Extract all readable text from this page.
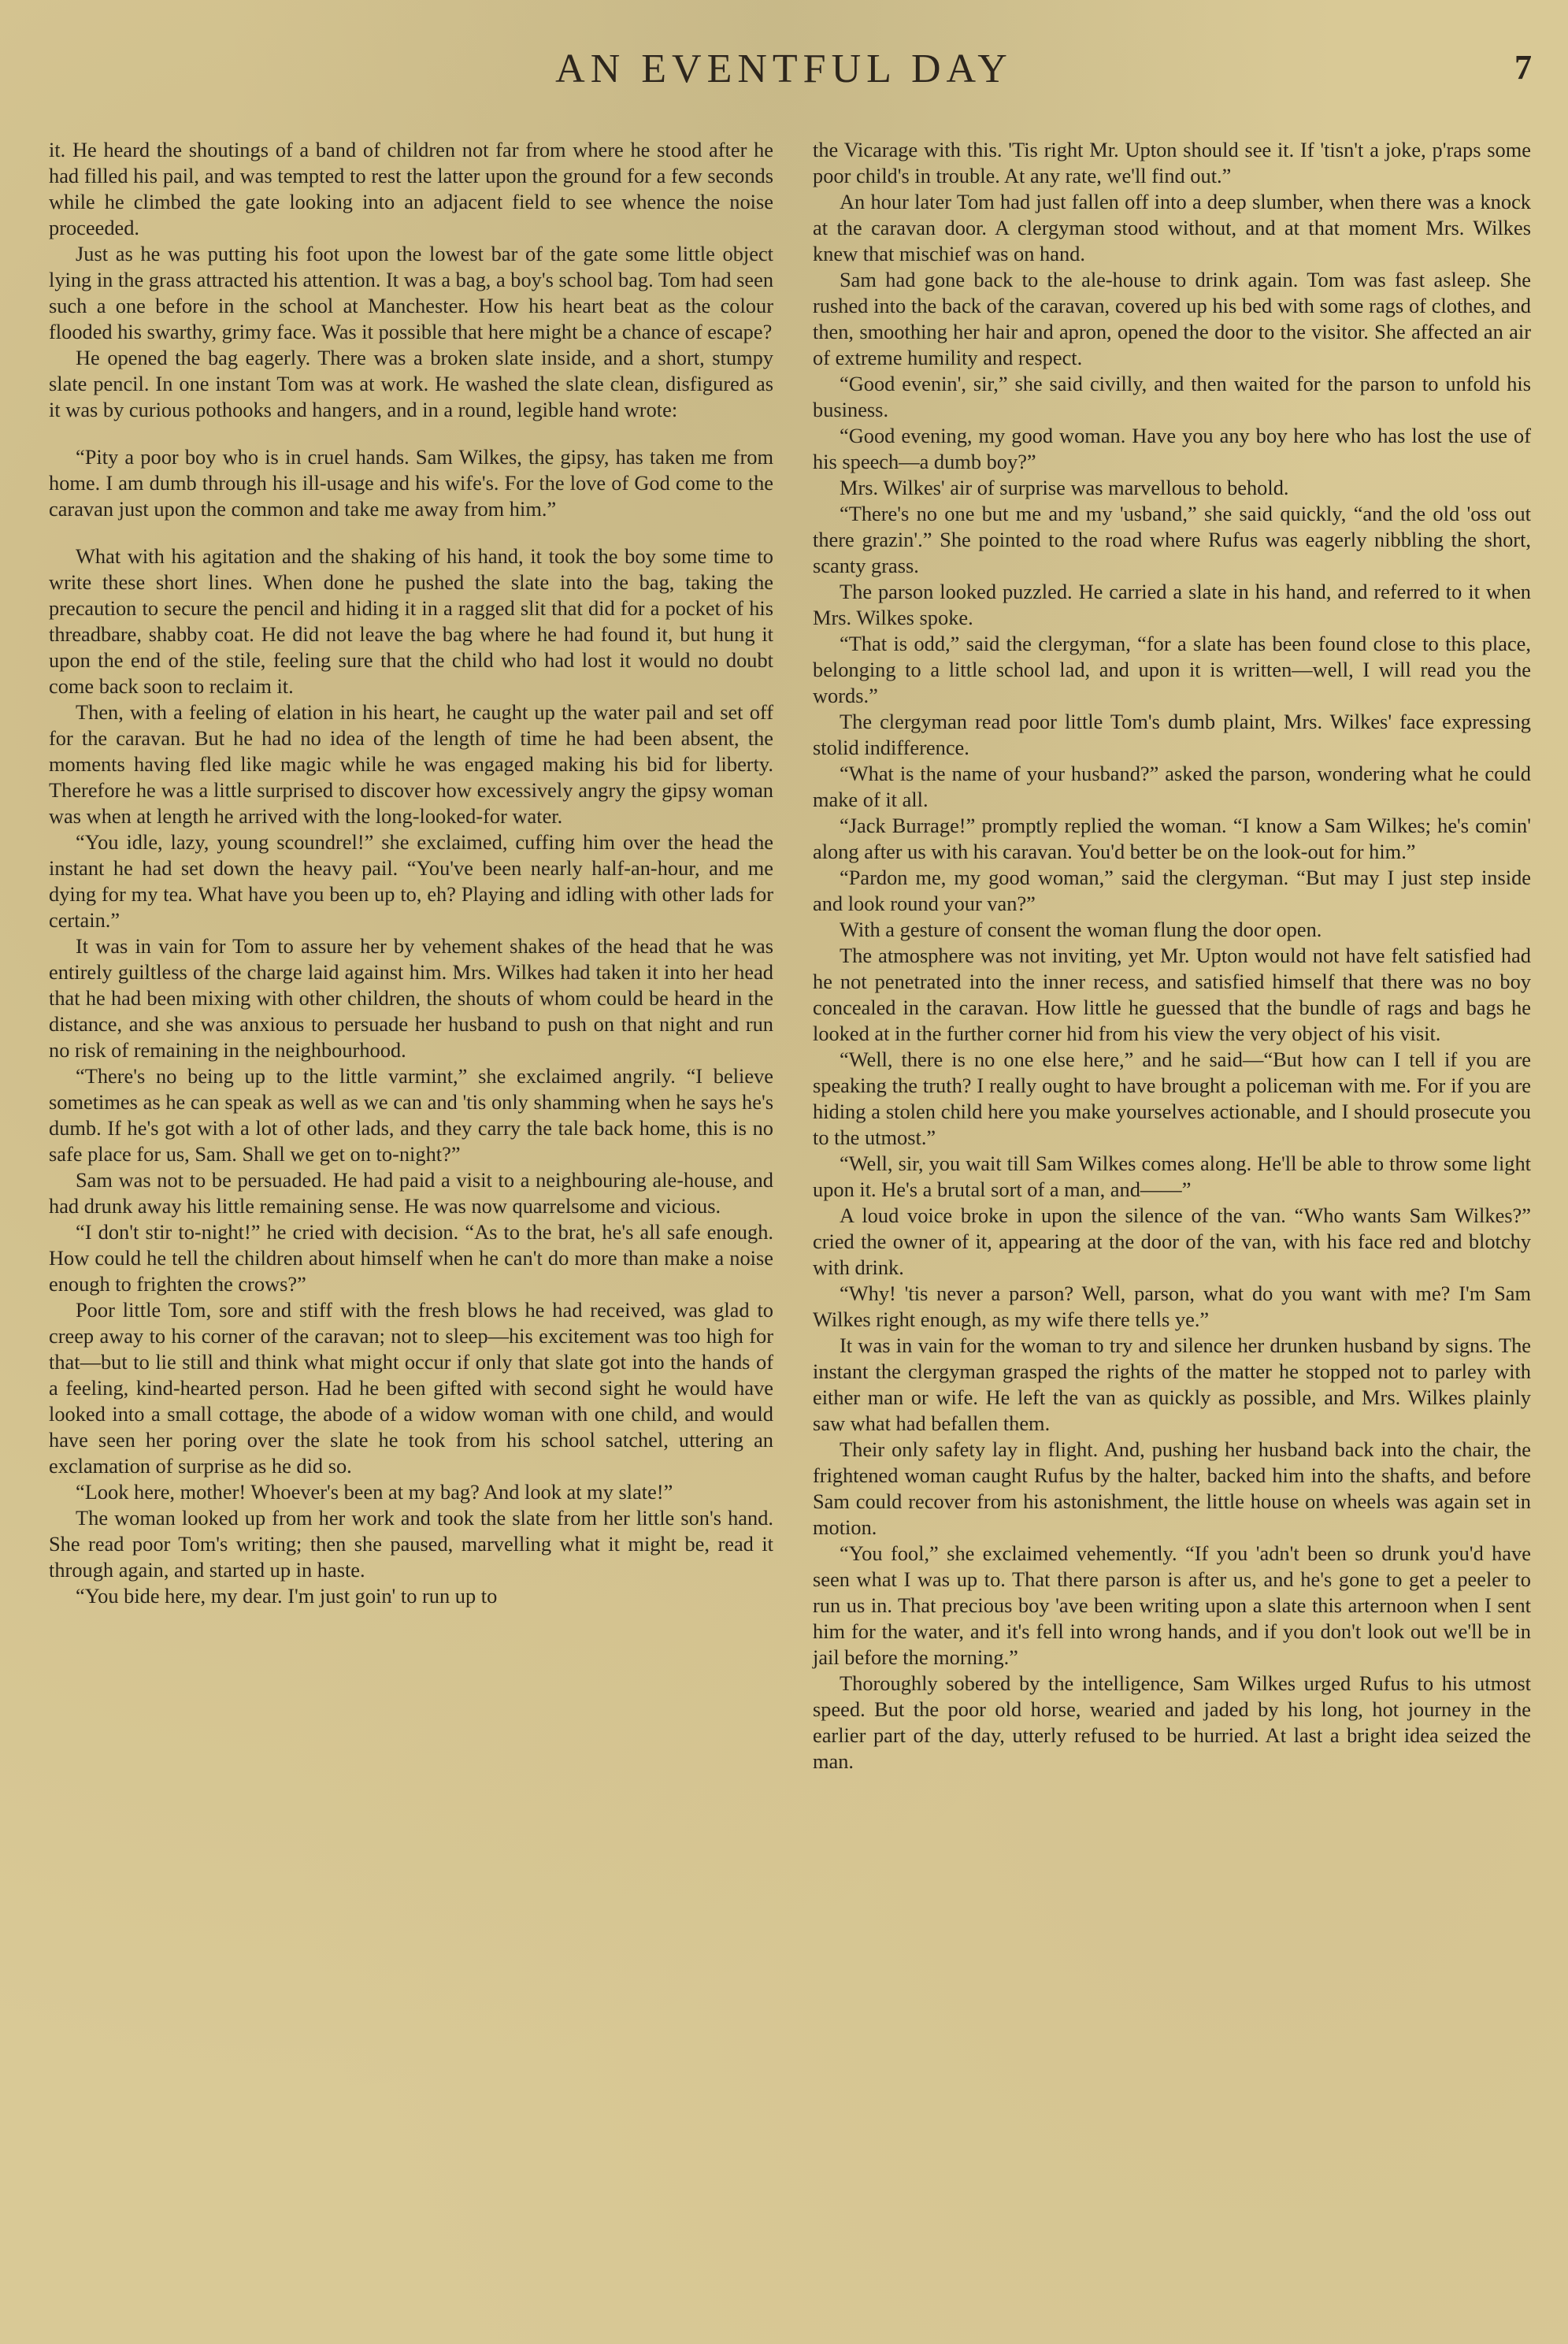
AN EVENTFUL DAY	7

it. He heard the shoutings of a band of children not far from where he stood after he had filled his pail, and was tempted to rest the latter upon the ground for a few seconds while he climbed the gate looking into an adjacent field to see whence the noise proceeded.

Just as he was putting his foot upon the lowest bar of the gate some little object lying in the grass attracted his attention. It was a bag, a boy's school bag. Tom had seen such a one before in the school at Manchester. How his heart beat as the colour flooded his swarthy, grimy face. Was it possible that here might be a chance of escape?

He opened the bag eagerly. There was a broken slate inside, and a short, stumpy slate pencil. In one instant Tom was at work. He washed the slate clean, disfigured as it was by curious pothooks and hangers, and in a round, legible hand wrote:

“Pity a poor boy who is in cruel hands. Sam Wilkes, the gipsy, has taken me from home. I am dumb through his ill-usage and his wife's. For the love of God come to the caravan just upon the common and take me away from him.”

What with his agitation and the shaking of his hand, it took the boy some time to write these short lines. When done he pushed the slate into the bag, taking the precaution to secure the pencil and hiding it in a ragged slit that did for a pocket of his threadbare, shabby coat. He did not leave the bag where he had found it, but hung it upon the end of the stile, feeling sure that the child who had lost it would no doubt come back soon to reclaim it.

Then, with a feeling of elation in his heart, he caught up the water pail and set off for the caravan. But he had no idea of the length of time he had been absent, the moments having fled like magic while he was engaged making his bid for liberty. Therefore he was a little surprised to discover how excessively angry the gipsy woman was when at length he arrived with the long-looked-for water.

“You idle, lazy, young scoundrel!” she exclaimed, cuffing him over the head the instant he had set down the heavy pail. “You've been nearly half-an-hour, and me dying for my tea. What have you been up to, eh? Playing and idling with other lads for certain.”

It was in vain for Tom to assure her by vehement shakes of the head that he was entirely guiltless of the charge laid against him. Mrs. Wilkes had taken it into her head that he had been mixing with other children, the shouts of whom could be heard in the distance, and she was anxious to persuade her husband to push on that night and run no risk of remaining in the neighbourhood.

“There's no being up to the little varmint,” she exclaimed angrily. “I believe sometimes as he can speak as well as we can and 'tis only shamming when he says he's dumb. If he's got with a lot of other lads, and they carry the tale back home, this is no safe place for us, Sam. Shall we get on to-night?”

Sam was not to be persuaded. He had paid a visit to a neighbouring ale-house, and had drunk away his little remaining sense. He was now quarrelsome and vicious.

“I don't stir to-night!” he cried with decision. “As to the brat, he's all safe enough. How could he tell the children about himself when he can't do more than make a noise enough to frighten the crows?”

Poor little Tom, sore and stiff with the fresh blows he had received, was glad to creep away to his corner of the caravan; not to sleep—his excitement was too high for that—but to lie still and think what might occur if only that slate got into the hands of a feeling, kind-hearted person. Had he been gifted with second sight he would have looked into a small cottage, the abode of a widow woman with one child, and would have seen her poring over the slate he took from his school satchel, uttering an exclamation of surprise as he did so.

“Look here, mother! Whoever's been at my bag? And look at my slate!”

The woman looked up from her work and took the slate from her little son's hand. She read poor Tom's writing; then she paused, marvelling what it might be, read it through again, and started up in haste.

“You bide here, my dear. I'm just goin' to run up to

the Vicarage with this. 'Tis right Mr. Upton should see it. If 'tisn't a joke, p'raps some poor child's in trouble. At any rate, we'll find out.”

An hour later Tom had just fallen off into a deep slumber, when there was a knock at the caravan door. A clergyman stood without, and at that moment Mrs. Wilkes knew that mischief was on hand.

Sam had gone back to the ale-house to drink again. Tom was fast asleep. She rushed into the back of the caravan, covered up his bed with some rags of clothes, and then, smoothing her hair and apron, opened the door to the visitor. She affected an air of extreme humility and respect.

“Good evenin', sir,” she said civilly, and then waited for the parson to unfold his business.

“Good evening, my good woman. Have you any boy here who has lost the use of his speech—a dumb boy?”

Mrs. Wilkes' air of surprise was marvellous to behold.

“There's no one but me and my 'usband,” she said quickly, “and the old 'oss out there grazin'.” She pointed to the road where Rufus was eagerly nibbling the short, scanty grass.

The parson looked puzzled. He carried a slate in his hand, and referred to it when Mrs. Wilkes spoke.

“That is odd,” said the clergyman, “for a slate has been found close to this place, belonging to a little school lad, and upon it is written—well, I will read you the words.”

The clergyman read poor little Tom's dumb plaint, Mrs. Wilkes' face expressing stolid indifference.

“What is the name of your husband?” asked the parson, wondering what he could make of it all.

“Jack Burrage!” promptly replied the woman. “I know a Sam Wilkes; he's comin' along after us with his caravan. You'd better be on the look-out for him.”

“Pardon me, my good woman,” said the clergyman. “But may I just step inside and look round your van?”

With a gesture of consent the woman flung the door open.

The atmosphere was not inviting, yet Mr. Upton would not have felt satisfied had he not penetrated into the inner recess, and satisfied himself that there was no boy concealed in the caravan. How little he guessed that the bundle of rags and bags he looked at in the further corner hid from his view the very object of his visit.

“Well, there is no one else here,” and he said—“But how can I tell if you are speaking the truth? I really ought to have brought a policeman with me. For if you are hiding a stolen child here you make yourselves actionable, and I should prosecute you to the utmost.”

“Well, sir, you wait till Sam Wilkes comes along. He'll be able to throw some light upon it. He's a brutal sort of a man, and——”

A loud voice broke in upon the silence of the van. “Who wants Sam Wilkes?” cried the owner of it, appearing at the door of the van, with his face red and blotchy with drink.

“Why! 'tis never a parson? Well, parson, what do you want with me? I'm Sam Wilkes right enough, as my wife there tells ye.”

It was in vain for the woman to try and silence her drunken husband by signs. The instant the clergyman grasped the rights of the matter he stopped not to parley with either man or wife. He left the van as quickly as possible, and Mrs. Wilkes plainly saw what had befallen them.

Their only safety lay in flight. And, pushing her husband back into the chair, the frightened woman caught Rufus by the halter, backed him into the shafts, and before Sam could recover from his astonishment, the little house on wheels was again set in motion.

“You fool,” she exclaimed vehemently. “If you 'adn't been so drunk you'd have seen what I was up to. That there parson is after us, and he's gone to get a peeler to run us in. That precious boy 'ave been writing upon a slate this arternoon when I sent him for the water, and it's fell into wrong hands, and if you don't look out we'll be in jail before the morning.”

Thoroughly sobered by the intelligence, Sam Wilkes urged Rufus to his utmost speed. But the poor old horse, wearied and jaded by his long, hot journey in the earlier part of the day, utterly refused to be hurried. At last a bright idea seized the man.
